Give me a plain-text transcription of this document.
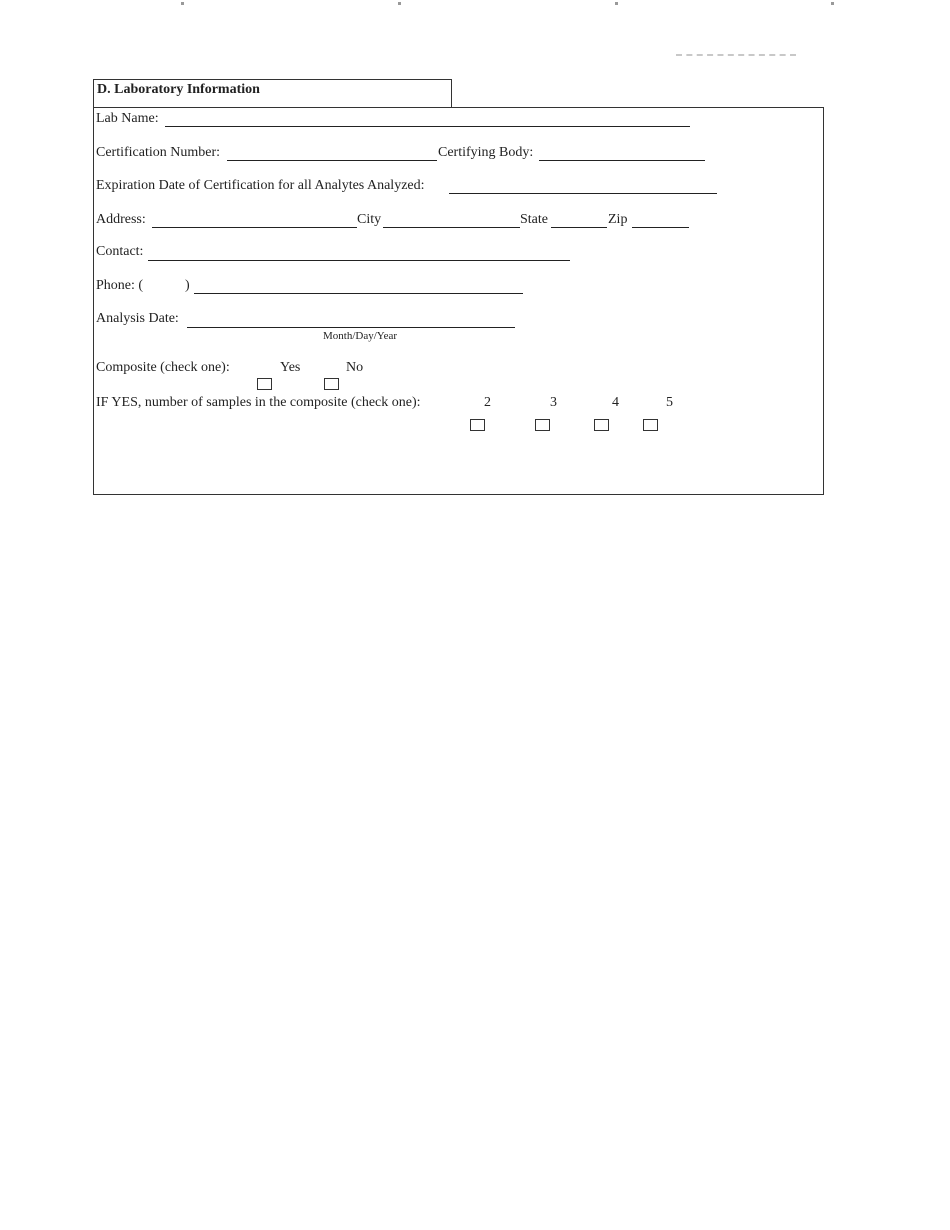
D. Laboratory Information
Lab Name:
Certification Number:	Certifying Body:
Expiration Date of Certification for all Analytes Analyzed:
Address:	City	State	Zip
Contact:
Phone: (	)
Analysis Date:
Month/Day/Year
Composite (check one):	Yes	No
IF YES, number of samples in the composite (check one):	2	3	4	5
